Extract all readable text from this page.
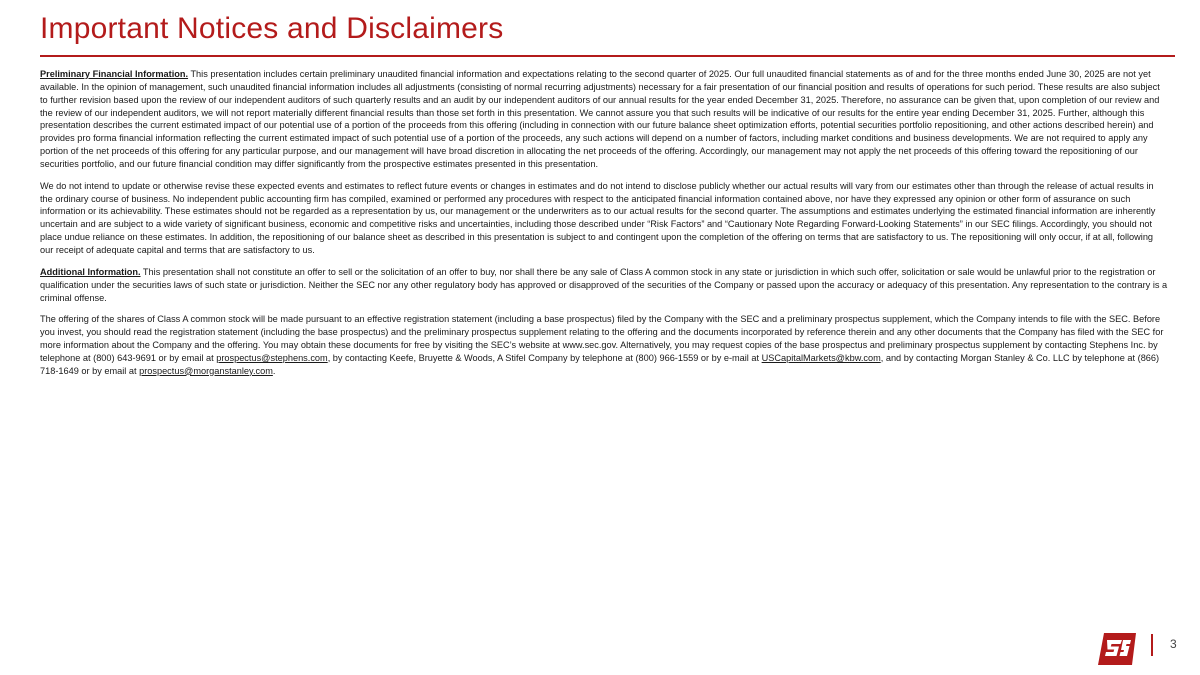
Important Notices and Disclaimers

Preliminary Financial Information. This presentation includes certain preliminary unaudited financial information and expectations relating to the second quarter of 2025. Our full unaudited financial statements as of and for the three months ended June 30, 2025 are not yet available. In the opinion of management, such unaudited financial information includes all adjustments (consisting of normal recurring adjustments) necessary for a fair presentation of our financial position and results of operations for such period. These results are also subject to further revision based upon the review of our independent auditors of such quarterly results and an audit by our independent auditors of our annual results for the year ended December 31, 2025. Therefore, no assurance can be given that, upon completion of our review and the review of our independent auditors, we will not report materially different financial results than those set forth in this presentation. We cannot assure you that such results will be indicative of our results for the entire year ending December 31, 2025. Further, although this presentation describes the current estimated impact of our potential use of a portion of the proceeds from this offering (including in connection with our future balance sheet optimization efforts, potential securities portfolio repositioning, and other actions described herein) and provides pro forma financial information reflecting the current estimated impact of such potential use of a portion of the proceeds, any such actions will depend on a number of factors, including market conditions and business developments. We are not required to apply any portion of the net proceeds of this offering for any particular purpose, and our management will have broad discretion in allocating the net proceeds of the offering. Accordingly, our management may not apply the net proceeds of this offering toward the repositioning of our securities portfolio, and our future financial condition may differ significantly from the prospective estimates presented in this presentation.

We do not intend to update or otherwise revise these expected events and estimates to reflect future events or changes in estimates and do not intend to disclose publicly whether our actual results will vary from our estimates other than through the release of actual results in the ordinary course of business. No independent public accounting firm has compiled, examined or performed any procedures with respect to the anticipated financial information contained above, nor have they expressed any opinion or other form of assurance on such information or its achievability. These estimates should not be regarded as a representation by us, our management or the underwriters as to our actual results for the second quarter. The assumptions and estimates underlying the estimated financial information are inherently uncertain and are subject to a wide variety of significant business, economic and competitive risks and uncertainties, including those described under “Risk Factors” and “Cautionary Note Regarding Forward-Looking Statements” in our SEC filings. Accordingly, you should not place undue reliance on these estimates. In addition, the repositioning of our balance sheet as described in this presentation is subject to and contingent upon the completion of the offering on terms that are satisfactory to us. The repositioning will only occur, if at all, following our receipt of adequate capital and terms that are satisfactory to us.

Additional Information. This presentation shall not constitute an offer to sell or the solicitation of an offer to buy, nor shall there be any sale of Class A common stock in any state or jurisdiction in which such offer, solicitation or sale would be unlawful prior to the registration or qualification under the securities laws of such state or jurisdiction. Neither the SEC nor any other regulatory body has approved or disapproved of the securities of the Company or passed upon the accuracy or adequacy of this presentation. Any representation to the contrary is a criminal offense.

The offering of the shares of Class A common stock will be made pursuant to an effective registration statement (including a base prospectus) filed by the Company with the SEC and a preliminary prospectus supplement, which the Company intends to file with the SEC. Before you invest, you should read the registration statement (including the base prospectus) and the preliminary prospectus supplement relating to the offering and the documents incorporated by reference therein and any other documents that the Company has filed with the SEC for more information about the Company and the offering. You may obtain these documents for free by visiting the SEC’s website at www.sec.gov. Alternatively, you may request copies of the base prospectus and preliminary prospectus supplement by contacting Stephens Inc. by telephone at (800) 643-9691 or by email at prospectus@stephens.com, by contacting Keefe, Bruyette & Woods, A Stifel Company by telephone at (800) 966-1559 or by e-mail at USCapitalMarkets@kbw.com, and by contacting Morgan Stanley & Co. LLC by telephone at (866) 718-1649 or by email at prospectus@morganstanley.com.

3
